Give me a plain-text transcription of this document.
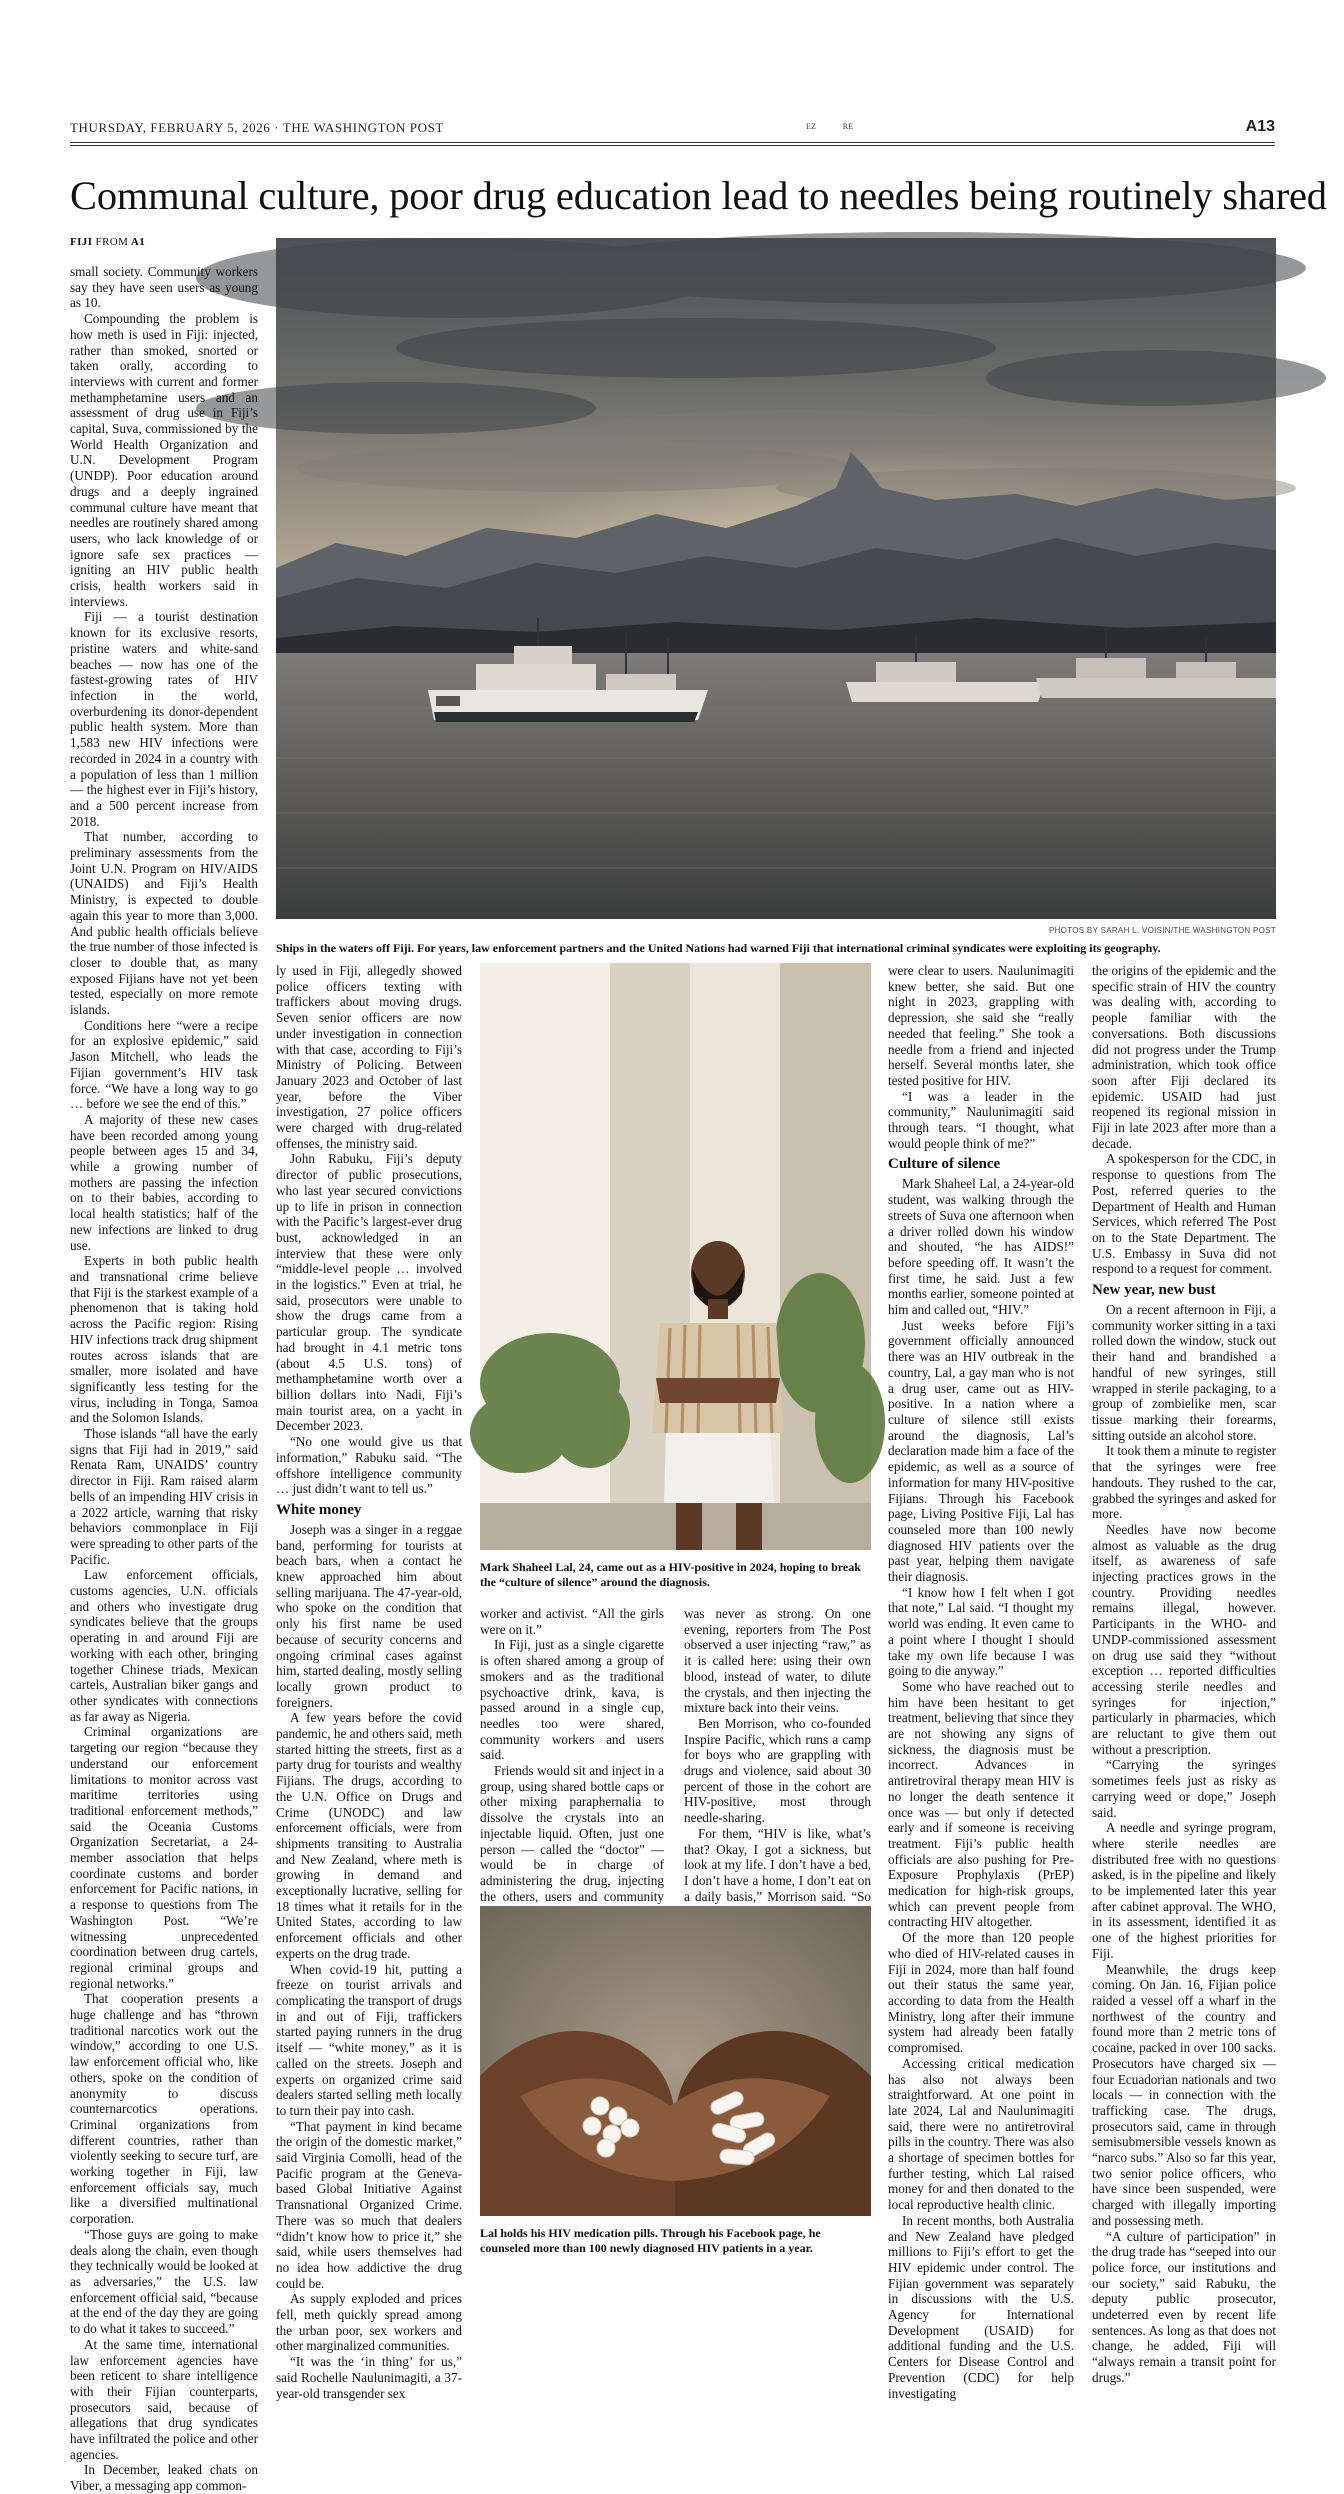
THURSDAY, FEBRUARY 5, 2026 · THE WASHINGTON POST	EZ	RE	A13
Communal culture, poor drug education lead to needles being routinely shared
FIJI FROM A1
PHOTOS BY SARAH L. VOISIN/THE WASHINGTON POST
Ships in the waters off Fiji. For years, law enforcement partners and the United Nations had warned Fiji that international criminal syndicates were exploiting its geography.

small society. Community workers say they have seen users as young as 10.

Compounding the problem is how meth is used in Fiji: injected, rather than smoked, snorted or taken orally, according to interviews with current and former methamphetamine users and an assessment of drug use in Fiji’s capital, Suva, commissioned by the World Health Organization and U.N. Development Program (UNDP). Poor education around drugs and a deeply ingrained communal culture have meant that needles are routinely shared among users, who lack knowledge of or ignore safe sex practices — igniting an HIV public health crisis, health workers said in interviews.

Fiji — a tourist destination known for its exclusive resorts, pristine waters and white-sand beaches — now has one of the fastest-growing rates of HIV infection in the world, overburdening its donor-dependent public health system. More than 1,583 new HIV infections were recorded in 2024 in a country with a population of less than 1 million — the highest ever in Fiji’s history, and a 500 percent increase from 2018.

That number, according to preliminary assessments from the Joint U.N. Program on HIV/AIDS (UNAIDS) and Fiji’s Health Ministry, is expected to double again this year to more than 3,000. And public health officials believe the true number of those infected is closer to double that, as many exposed Fijians have not yet been tested, especially on more remote islands.

Conditions here “were a recipe for an explosive epidemic,” said Jason Mitchell, who leads the Fijian government’s HIV task force. “We have a long way to go … before we see the end of this.”

A majority of these new cases have been recorded among young people between ages 15 and 34, while a growing number of mothers are passing the infection on to their babies, according to local health statistics; half of the new infections are linked to drug use.

Experts in both public health and transnational crime believe that Fiji is the starkest example of a phenomenon that is taking hold across the Pacific region: Rising HIV infections track drug shipment routes across islands that are smaller, more isolated and have significantly less testing for the virus, including in Tonga, Samoa and the Solomon Islands.

Those islands “all have the early signs that Fiji had in 2019,” said Renata Ram, UNAIDS’ country director in Fiji. Ram raised alarm bells of an impending HIV crisis in a 2022 article, warning that risky behaviors commonplace in Fiji were spreading to other parts of the Pacific.

Law enforcement officials, customs agencies, U.N. officials and others who investigate drug syndicates believe that the groups operating in and around Fiji are working with each other, bringing together Chinese triads, Mexican cartels, Australian biker gangs and other syndicates with connections as far away as Nigeria.

Criminal organizations are targeting our region “because they understand our enforcement limitations to monitor across vast maritime territories using traditional enforcement methods,” said the Oceania Customs Organization Secretariat, a 24-member association that helps coordinate customs and border enforcement for Pacific nations, in a response to questions from The Washington Post. “We’re witnessing unprecedented coordination between drug cartels, regional criminal groups and regional networks.”

That cooperation presents a huge challenge and has “thrown traditional narcotics work out the window,” according to one U.S. law enforcement official who, like others, spoke on the condition of anonymity to discuss counternarcotics operations. Criminal organizations from different countries, rather than violently seeking to secure turf, are working together in Fiji, law enforcement officials say, much like a diversified multinational corporation.

“Those guys are going to make deals along the chain, even though they technically would be looked at as adversaries,” the U.S. law enforcement official said, “because at the end of the day they are going to do what it takes to succeed.”

At the same time, international law enforcement agencies have been reticent to share intelligence with their Fijian counterparts, prosecutors said, because of allegations that drug syndicates have infiltrated the police and other agencies.

In December, leaked chats on Viber, a messaging app common-

ly used in Fiji, allegedly showed police officers texting with traffickers about moving drugs. Seven senior officers are now under investigation in connection with that case, according to Fiji’s Ministry of Policing. Between January 2023 and October of last year, before the Viber investigation, 27 police officers were charged with drug-related offenses, the ministry said.

John Rabuku, Fiji’s deputy director of public prosecutions, who last year secured convictions up to life in prison in connection with the Pacific’s largest-ever drug bust, acknowledged in an interview that these were only “middle-level people … involved in the logistics.” Even at trial, he said, prosecutors were unable to show the drugs came from a particular group. The syndicate had brought in 4.1 metric tons (about 4.5 U.S. tons) of methamphetamine worth over a billion dollars into Nadi, Fiji’s main tourist area, on a yacht in December 2023.

“No one would give us that information,” Rabuku said. “The offshore intelligence community … just didn’t want to tell us.”

White money

Joseph was a singer in a reggae band, performing for tourists at beach bars, when a contact he knew approached him about selling marijuana. The 47-year-old, who spoke on the condition that only his first name be used because of security concerns and ongoing criminal cases against him, started dealing, mostly selling locally grown product to foreigners.

A few years before the covid pandemic, he and others said, meth started hitting the streets, first as a party drug for tourists and wealthy Fijians. The drugs, according to the U.N. Office on Drugs and Crime (UNODC) and law enforcement officials, were from shipments transiting to Australia and New Zealand, where meth is growing in demand and exceptionally lucrative, selling for 18 times what it retails for in the United States, according to law enforcement officials and other experts on the drug trade.

When covid-19 hit, putting a freeze on tourist arrivals and complicating the transport of drugs in and out of Fiji, traffickers started paying runners in the drug itself — “white money,” as it is called on the streets. Joseph and experts on organized crime said dealers started selling meth locally to turn their pay into cash.

“That payment in kind became the origin of the domestic market,” said Virginia Comolli, head of the Pacific program at the Geneva-based Global Initiative Against Transnational Organized Crime. There was so much that dealers “didn’t know how to price it,” she said, while users themselves had no idea how addictive the drug could be.

As supply exploded and prices fell, meth quickly spread among the urban poor, sex workers and other marginalized communities.

“It was the ‘in thing’ for us,” said Rochelle Naulunimagiti, a 37-year-old transgender sex

Mark Shaheel Lal, 24, came out as a HIV-positive in 2024, hoping to break the “culture of silence” around the diagnosis.

worker and activist. “All the girls were on it.”

In Fiji, just as a single cigarette is often shared among a group of smokers and as the traditional psychoactive drink, kava, is passed around in a single cup, needles too were shared, community workers and users said.

Friends would sit and inject in a group, using shared bottle caps or other mixing paraphernalia to dissolve the crystals into an injectable liquid. Often, just one person — called the “doctor” — would be in charge of administering the drug, injecting the others, users and community

was never as strong. On one evening, reporters from The Post observed a user injecting “raw,” as it is called here: using their own blood, instead of water, to dilute the crystals, and then injecting the mixture back into their veins.

Ben Morrison, who co-founded Inspire Pacific, which runs a camp for boys who are grappling with drugs and violence, said about 30 percent of those in the cohort are HIV-positive, most through needle-sharing.

For them, “HIV is like, what’s that? Okay, I got a sickness, but look at my life. I don’t have a bed, I don’t have a home, I don’t eat on a daily basis,” Morrison said. “So

Lal holds his HIV medication pills. Through his Facebook page, he counseled more than 100 newly diagnosed HIV patients in a year.

were clear to users. Naulunimagiti knew better, she said. But one night in 2023, grappling with depression, she said she “really needed that feeling.” She took a needle from a friend and injected herself. Several months later, she tested positive for HIV.

“I was a leader in the community,” Naulunimagiti said through tears. “I thought, what would people think of me?”

Culture of silence

Mark Shaheel Lal, a 24-year-old student, was walking through the streets of Suva one afternoon when a driver rolled down his window and shouted, “he has AIDS!” before speeding off. It wasn’t the first time, he said. Just a few months earlier, someone pointed at him and called out, “HIV.”

Just weeks before Fiji’s government officially announced there was an HIV outbreak in the country, Lal, a gay man who is not a drug user, came out as HIV-positive. In a nation where a culture of silence still exists around the diagnosis, Lal’s declaration made him a face of the epidemic, as well as a source of information for many HIV-positive Fijians. Through his Facebook page, Living Positive Fiji, Lal has counseled more than 100 newly diagnosed HIV patients over the past year, helping them navigate their diagnosis.

“I know how I felt when I got that note,” Lal said. “I thought my world was ending. It even came to a point where I thought I should take my own life because I was going to die anyway.”

Some who have reached out to him have been hesitant to get treatment, believing that since they are not showing any signs of sickness, the diagnosis must be incorrect. Advances in antiretroviral therapy mean HIV is no longer the death sentence it once was — but only if detected early and if someone is receiving treatment. Fiji’s public health officials are also pushing for Pre-Exposure Prophylaxis (PrEP) medication for high-risk groups, which can prevent people from contracting HIV altogether.

Of the more than 120 people who died of HIV-related causes in Fiji in 2024, more than half found out their status the same year, according to data from the Health Ministry, long after their immune system had already been fatally compromised.

Accessing critical medication has also not always been straightforward. At one point in late 2024, Lal and Naulunimagiti said, there were no antiretroviral pills in the country. There was also a shortage of specimen bottles for further testing, which Lal raised money for and then donated to the local reproductive health clinic.

In recent months, both Australia and New Zealand have pledged millions to Fiji’s effort to get the HIV epidemic under control. The Fijian government was separately in discussions with the U.S. Agency for International Development (USAID) for additional funding and the U.S. Centers for Disease Control and Prevention (CDC) for help investigating

the origins of the epidemic and the specific strain of HIV the country was dealing with, according to people familiar with the conversations. Both discussions did not progress under the Trump administration, which took office soon after Fiji declared its epidemic. USAID had just reopened its regional mission in Fiji in late 2023 after more than a decade.

A spokesperson for the CDC, in response to questions from The Post, referred queries to the Department of Health and Human Services, which referred The Post on to the State Department. The U.S. Embassy in Suva did not respond to a request for comment.

New year, new bust

On a recent afternoon in Fiji, a community worker sitting in a taxi rolled down the window, stuck out their hand and brandished a handful of new syringes, still wrapped in sterile packaging, to a group of zombielike men, scar tissue marking their forearms, sitting outside an alcohol store.

It took them a minute to register that the syringes were free handouts. They rushed to the car, grabbed the syringes and asked for more.

Needles have now become almost as valuable as the drug itself, as awareness of safe injecting practices grows in the country. Providing needles remains illegal, however. Participants in the WHO- and UNDP-commissioned assessment on drug use said they “without exception … reported difficulties accessing sterile needles and syringes for injection,” particularly in pharmacies, which are reluctant to give them out without a prescription.

“Carrying the syringes sometimes feels just as risky as carrying weed or dope,” Joseph said.

A needle and syringe program, where sterile needles are distributed free with no questions asked, is in the pipeline and likely to be implemented later this year after cabinet approval. The WHO, in its assessment, identified it as one of the highest priorities for Fiji.

Meanwhile, the drugs keep coming. On Jan. 16, Fijian police raided a vessel off a wharf in the northwest of the country and found more than 2 metric tons of cocaine, packed in over 100 sacks. Prosecutors have charged six — four Ecuadorian nationals and two locals — in connection with the trafficking case. The drugs, prosecutors said, came in through semisubmersible vessels known as “narco subs.” Also so far this year, two senior police officers, who have since been suspended, were charged with illegally importing and possessing meth.

“A culture of participation” in the drug trade has “seeped into our police force, our institutions and our society,” said Rabuku, the deputy public prosecutor, undeterred even by recent life sentences. As long as that does not change, he added, Fiji will “always remain a transit point for drugs.”
